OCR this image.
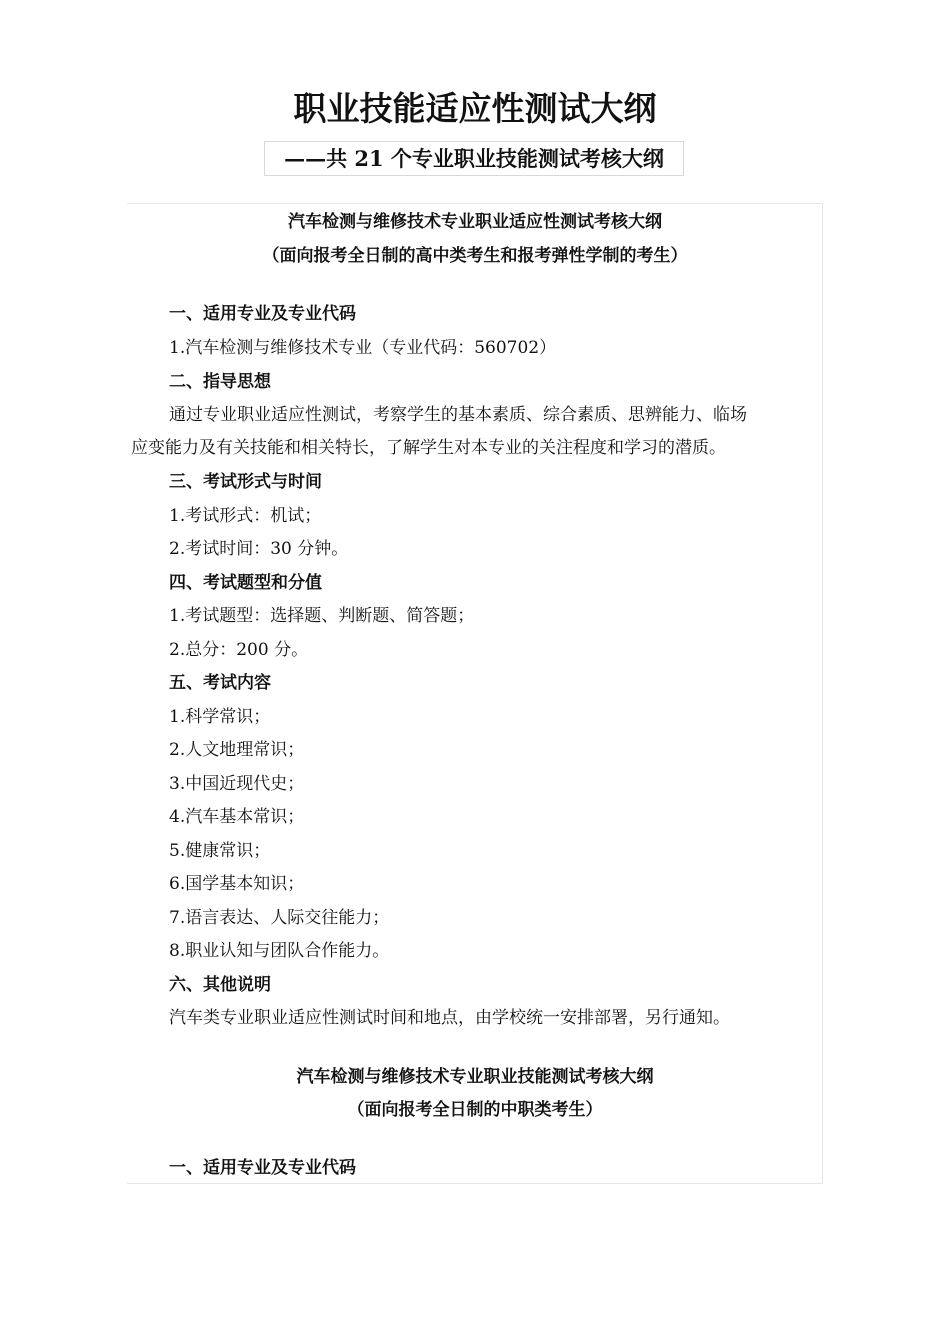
职业技能适应性测试大纲
——共 21 个专业职业技能测试考核大纲
汽车检测与维修技术专业职业适应性测试考核大纲
（面向报考全日制的高中类考生和报考弹性学制的考生）
一、适用专业及专业代码
1.汽车检测与维修技术专业（专业代码：560702）
二、指导思想
通过专业职业适应性测试，考察学生的基本素质、综合素质、思辨能力、临场
应变能力及有关技能和相关特长，了解学生对本专业的关注程度和学习的潜质。
三、考试形式与时间
1.考试形式：机试；
2.考试时间：30 分钟。
四、考试题型和分值
1.考试题型：选择题、判断题、简答题；
2.总分：200 分。
五、考试内容
1.科学常识；
2.人文地理常识；
3.中国近现代史；
4.汽车基本常识；
5.健康常识；
6.国学基本知识；
7.语言表达、人际交往能力；
8.职业认知与团队合作能力。
六、其他说明
汽车类专业职业适应性测试时间和地点，由学校统一安排部署，另行通知。
汽车检测与维修技术专业职业技能测试考核大纲
（面向报考全日制的中职类考生）
一、适用专业及专业代码
